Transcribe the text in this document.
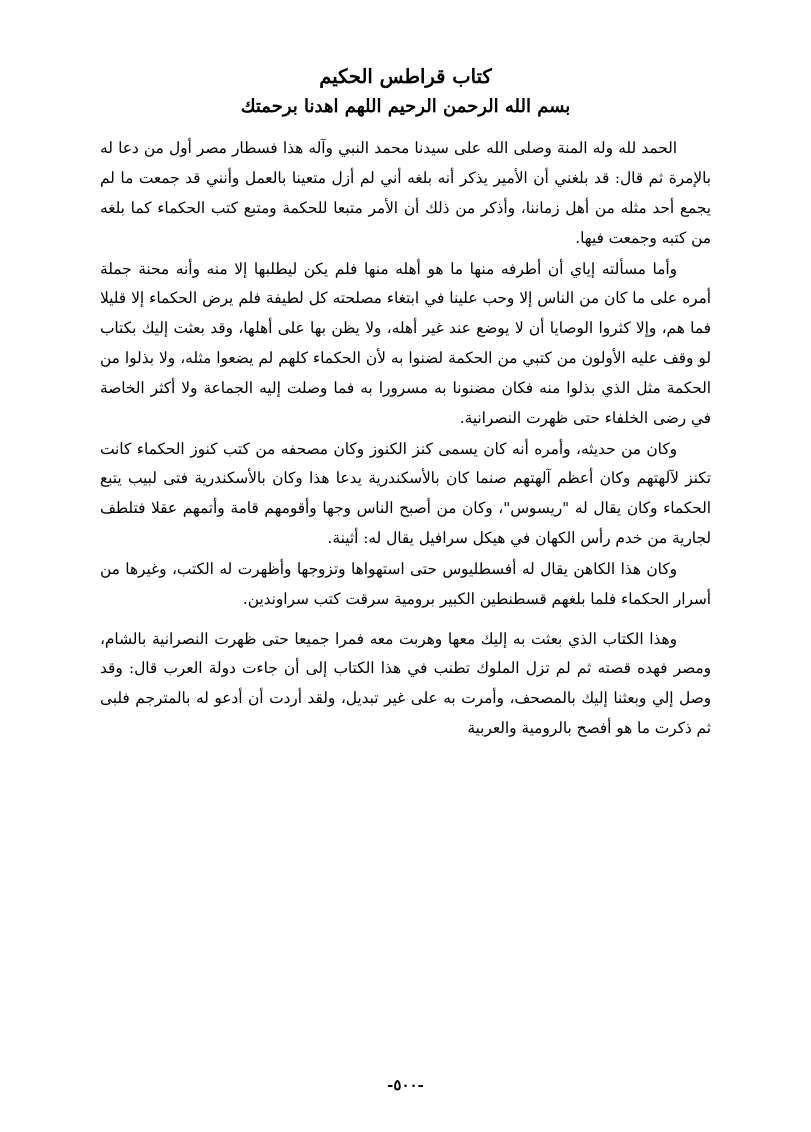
كتاب قراطس الحكيم
بسم الله الرحمن الرحيم اللهم اهدنا برحمتك

الحمد لله وله المنة وصلى الله على سيدنا محمد النبي وآله هذا فسطار مصر أول من دعا له بالإمرة ثم قال: قد بلغني أن الأمير يذكر أنه بلغه أني لم أزل متعينا بالعمل وأنني قد جمعت ما لم يجمع أحد مثله من أهل زماننا، وأذكر من ذلك أن الأمر متبعا للحكمة ومتبع كتب الحكماء كما بلغه من كتبه وجمعت فيها.

وأما مسألته إياي أن أطرفه منها ما هو أهله منها فلم يكن ليطلبها إلا منه وأنه محنة جملة أمره على ما كان من الناس إلا وحب علينا في ابتغاء مصلحته كل لطيفة فلم يرض الحكماء إلا قليلا فما هم، وإلا كثروا الوصايا أن لا يوضع عند غير أهله، ولا يظن بها على أهلها، وقد بعثت إليك بكتاب لو وقف عليه الأولون من كتبي من الحكمة لضنوا به لأن الحكماء كلهم لم يضعوا مثله، ولا بذلوا من الحكمة مثل الذي بذلوا منه فكان مضنونا به مسرورا به فما وصلت إليه الجماعة ولا أكثر الخاصة في رضى الخلفاء حتى ظهرت النصرانية.

وكان من حديثه، وأمره أنه كان يسمى كنز الكنوز وكان مصحفه من كتب كنوز الحكماء كانت تكنز لآلهتهم وكان أعظم آلهتهم صنما كان بالأسكندرية يدعا هذا وكان بالأسكندرية فتى لبيب يتبع الحكماء وكان يقال له "ريسوس"، وكان من أصبح الناس وجها وأقومهم قامة وأتمهم عقلا فتلطف لجارية من خدم رأس الكهان في هيكل سرافيل يقال له: أثينة.

وكان هذا الكاهن يقال له أفسطليوس حتى استهواها وتزوجها وأظهرت له الكتب، وغيرها من أسرار الحكماء فلما بلغهم قسطنطين الكبير برومية سرقت كتب سراوندين.

وهذا الكتاب الذي بعثت به إليك معها وهربت معه فمرا جميعا حتى ظهرت النصرانية بالشام، ومصر فهده قصته ثم لم تزل الملوك تطنب في هذا الكتاب إلى أن جاءت دولة العرب قال: وقد وصل إلي وبعثنا إليك بالمصحف، وأمرت به على غير تبديل، ولقد أردت أن أدعو له بالمترجم فلبى ثم ذكرت ما هو أفصح بالرومية والعربية

-٥٠٠-
